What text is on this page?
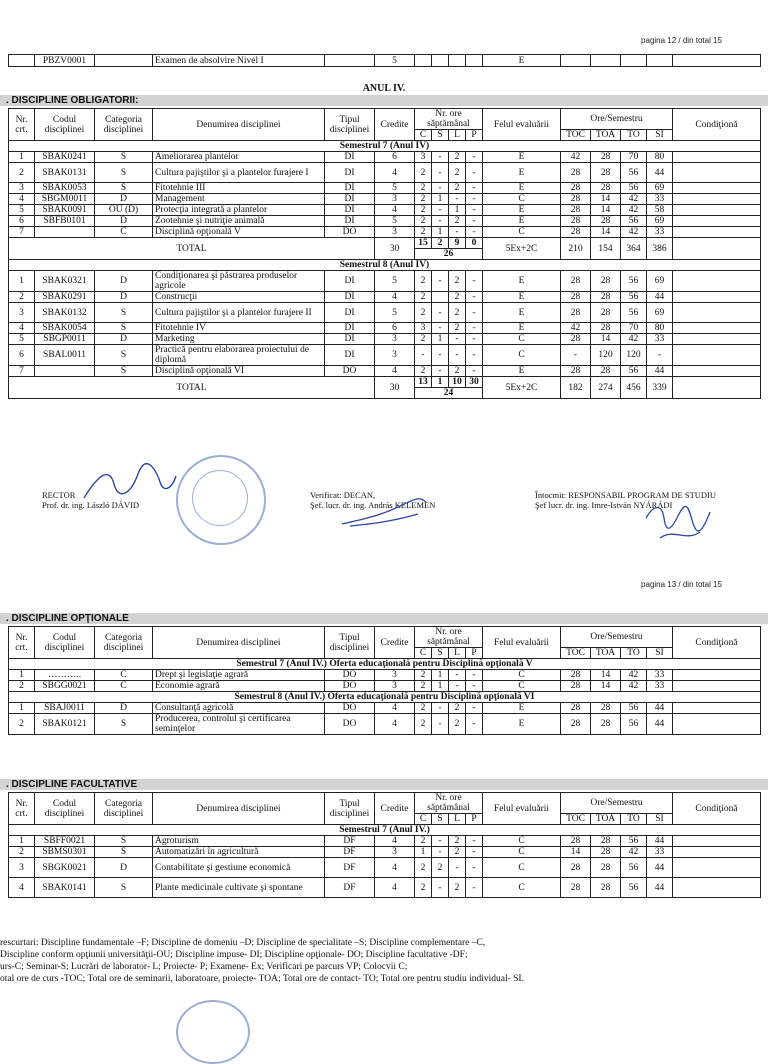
pagina 12 / din total 15
	PBZV0001		Examen de absolvire Nivel I		5					E					
ANUL IV.
. DISCIPLINE OBLIGATORII:
Nr. crt.	Codul disciplinei	Categoria disciplinei	Denumirea disciplinei	Tipul disciplinei	Credite	Nr. ore săptămânal				Felul evaluării	Ore/Semestru				Condiţionă
						C	S	L	P		TOC	TOA	TO	SI	
Semestrul 7 (Anul IV)															
1	SBAK0241	S	Ameliorarea plantelor	DI	6	3	-	2	-	E	42	28	70	80	
2	SBAK0131	S	Cultura pajiştilor şi a plantelor furajere I	DI	4	2	-	2	-	E	28	28	56	44	
3	SBAK0053	S	Fitotehnie III	DI	5	2	-	2	-	E	28	28	56	69	
4	SBGM0011	D	Management	DI	3	2	1	-	-	C	28	14	42	33	
5	SBAK0091	OU (D)	Protecţia integrată a plantelor	DI	4	2	-	1	-	E	28	14	42	58	
6	SBFB0101	D	Zootehnie şi nutriţie animală	DI	5	2	-	2	-	E	28	28	56	69	
7		C	Disciplină opţională V	DO	3	2	1	-	-	C	28	14	42	33	
TOTAL					30	15	2	9	0	5Ex+2C	210	154	364	386	
						26									
Semestrul 8 (Anul IV)															
1	SBAK0321	D	Condiţionarea şi păstrarea produselor agricole	DI	5	2	-	2	-	E	28	28	56	69	
2	SBAK0291	D	Construcţii	DI	4	2		2	-	E	28	28	56	44	
3	SBAK0132	S	Cultura pajiştilor şi a plantelor furajere II	DI	5	2	-	2	-	E	28	28	56	69	
4	SBAK0054	S	Fitotehnie IV	DI	6	3	-	2	-	E	42	28	70	80	
5	SBGP0011	D	Marketing	DI	3	2	1	-	-	C	28	14	42	33	
6	SBAL0011	S	Practică pentru elaborarea proiectului de diplomă	DI	3	-	-	-	-	C	-	120	120	-	
7		S	Disciplină opţională VI	DO	4	2	-	2	-	E	28	28	56	44	
TOTAL					30	13	1	10	30	5Ex+2C	182	274	456	339	
						24									
RECTOR
Prof. dr. ing. László DÁVID
Verificat: DECAN,
Şef. lucr. dr. ing. András KELEMEN
Întocmit: RESPONSABIL PROGRAM DE STUDIU
Şef lucr. dr. ing. Imre-István NYÁRÁDI
pagina 13 / din total 15
. DISCIPLINE OPŢIONALE
Nr. crt.	Codul disciplinei	Categoria disciplinei	Denumirea disciplinei	Tipul disciplinei	Credite	Nr. ore săptămânal				Felul evaluării	Ore/Semestru				Condiţionă
						C	S	L	P		TOC	TOA	TO	SI	
Semestrul 7 (Anul IV.) Oferta educaţională pentru Disciplină opţională V															
1	………..	C	Drept şi legislaţie agrară	DO	3	2	1	-	-	C	28	14	42	33	
2	SBGG0021	C	Economie agrară	DO	3	2	1	-	-	C	28	14	42	33	
Semestrul 8 (Anul IV.) Oferta educaţională pentru Disciplină opţională VI															
1	SBAJ0011	D	Consultanţă agricolă	DO	4	2	-	2	-	E	28	28	56	44	
2	SBAK0121	S	Producerea, controlul şi certificarea seminţelor	DO	4	2	-	2	-	E	28	28	56	44	
. DISCIPLINE FACULTATIVE
Nr. crt.	Codul disciplinei	Categoria disciplinei	Denumirea disciplinei	Tipul disciplinei	Credite	Nr. ore săptămânal				Felul evaluării	Ore/Semestru				Condiţionă
						C	S	L	P		TOC	TOA	TO	SI	
Semestrul 7 (Anul IV.)															
1	SBFF0021	S	Agroturism	DF	4	2	-	2	-	C	28	28	56	44	
2	SBMS0301	S	Automatizări în agricultură	DF	3	1	-	2	-	C	14	28	42	33	
3	SBGK0021	D	Contabilitate şi gestiune economică	DF	4	2	2	-	-	C	28	28	56	44	
4	SBAK0141	S	Plante medicinale cultivate şi spontane	DF	4	2	-	2	-	C	28	28	56	44	
rescurtari: Discipline fundamentale –F; Discipline de domeniu –D; Discipline de specialitate –S; Discipline complementare –C,
Discipline conform opţiunii universităţii-OU; Discipline impuse- DI; Discipline opţionale- DO; Discipline facultative -DF;
urs-C; Seminar-S; Lucrări de laborator- L; Proiecte- P; Examene- Ex; Verificari pe parcurs VP; Colocvii C;
otal ore de curs -TOC; Total ore de seminarii, laboratoare, proiecte- TOA; Total ore de contact- TO; Total ore pentru studiu individual- SI.
